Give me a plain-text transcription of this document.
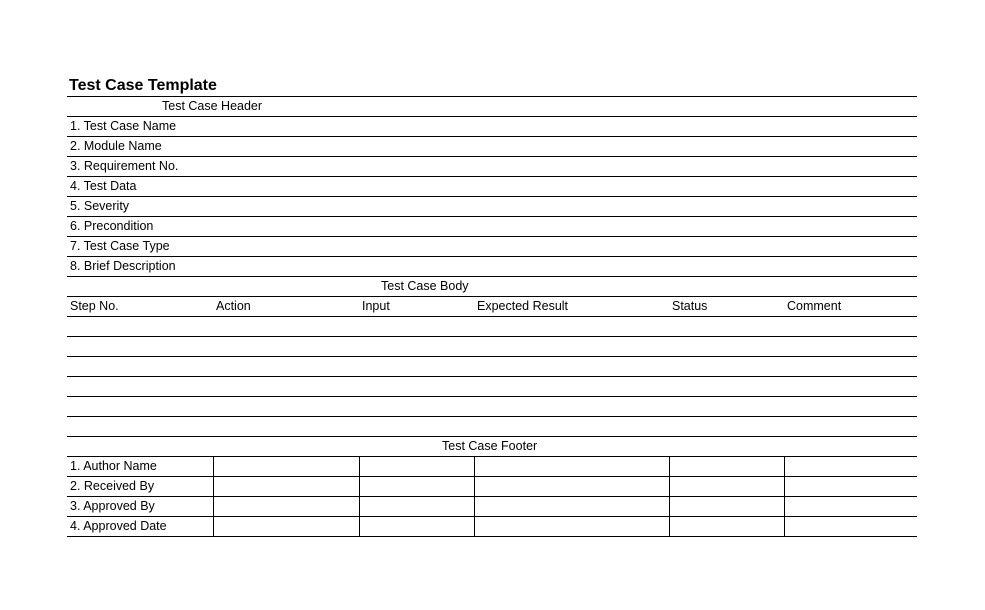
Test Case Template
Test Case Header
1. Test Case Name
2. Module Name
3. Requirement No.
4. Test Data
5. Severity
6. Precondition
7. Test Case Type
8. Brief Description
Test Case Body
Step No.	Action	Input	Expected Result	Status	Comment
Test Case Footer
1. Author Name
2. Received By
3. Approved By
4. Approved Date
